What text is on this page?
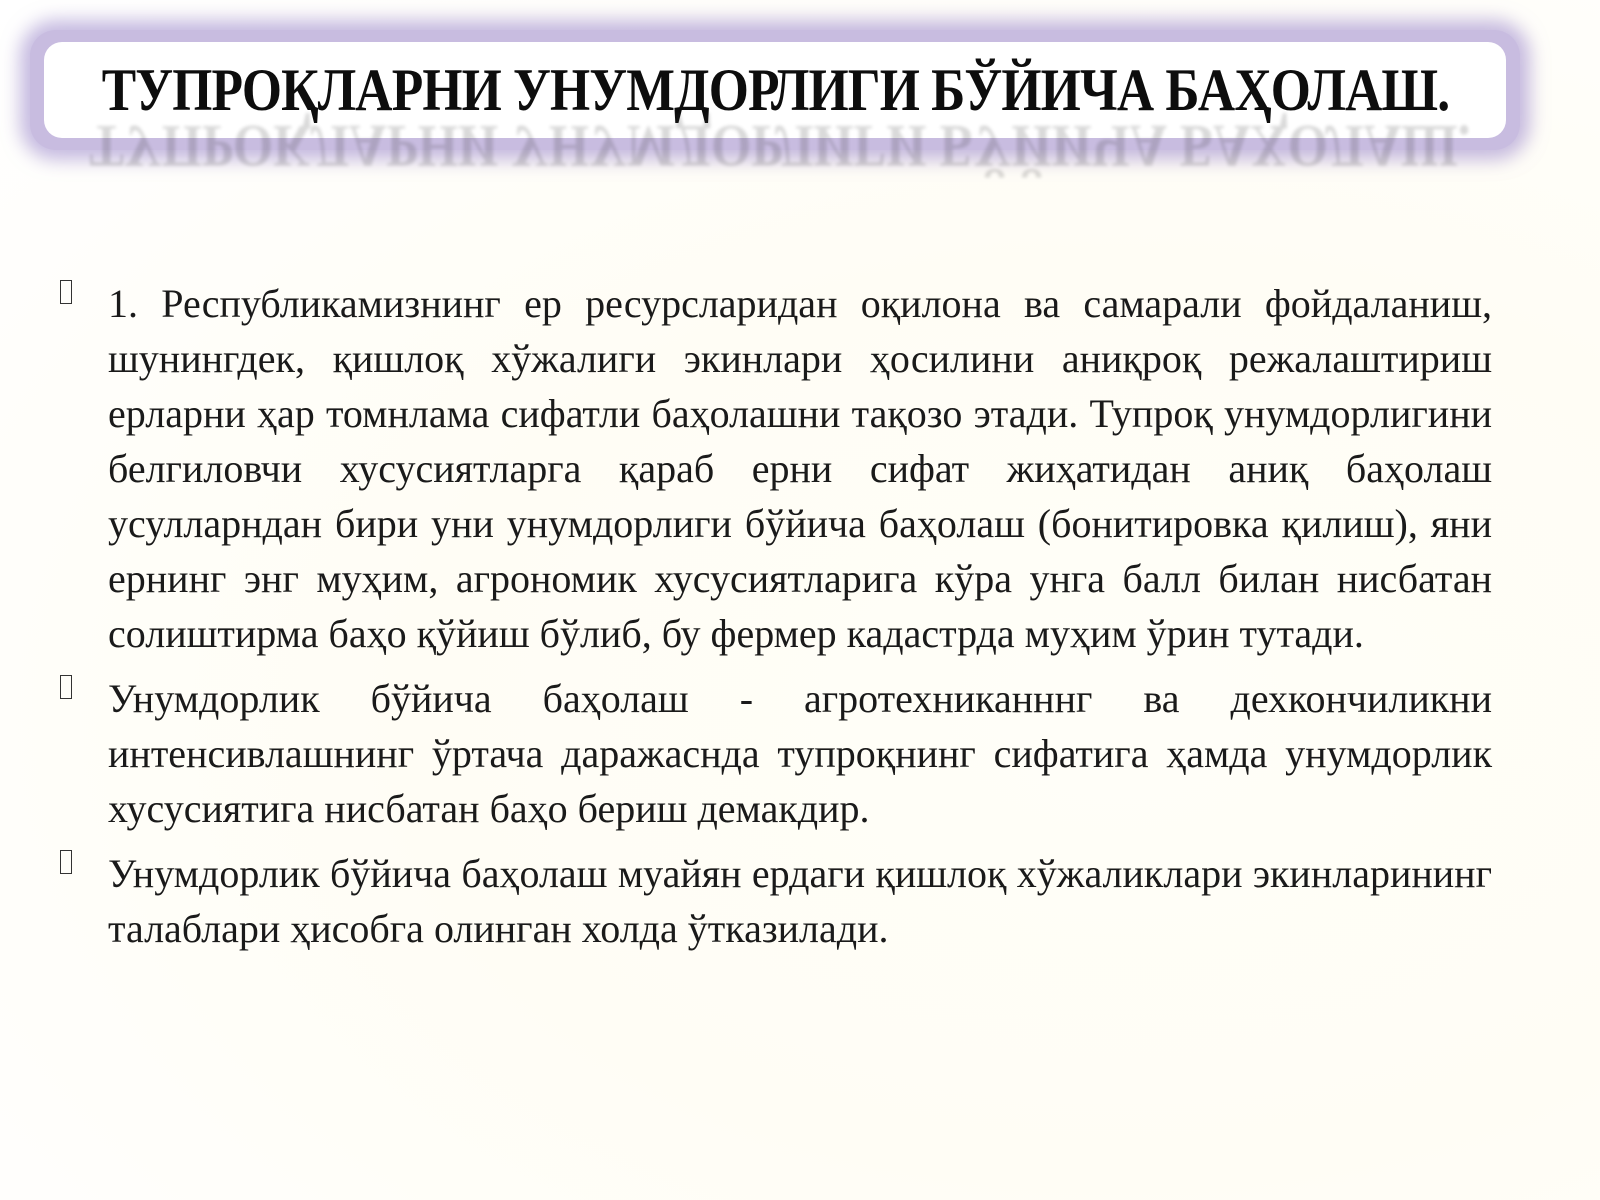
ТУПРОҚЛАРНИ УНУМДОРЛИГИ БЎЙИЧА БАҲОЛАШ.
ТУПРОҚЛАРНИ УНУМДОРЛИГИ БЎЙИЧА БАҲОЛАШ.
1. Республикамизнинг ер ресурсларидан оқилона ва самарали фойдаланиш, шунингдек, қишлоқ хўжалиги экинлари ҳосилини аниқроқ режалаштириш ерларни ҳар томнлама сифатли баҳолашни тақозо этади. Тупроқ унумдорлигини белгиловчи хусусиятларга қараб ерни сифат жиҳатидан аниқ баҳолаш усулларндан бири уни унумдорлиги бўйича баҳолаш (бонитировка қилиш), яни ернинг энг муҳим, агрономик хусусиятларига кўра унга балл билан нисбатан солиштирма баҳо қўйиш бўлиб, бу фермер кадастрда муҳим ўрин тутади.
Унумдорлик бўйича баҳолаш - агротехниканннг ва дехкончиликни интенсивлашнинг ўртача даражаснда тупроқнинг сифатига ҳамда унумдорлик хусусиятига нисбатан баҳо бериш демакдир.
Унумдорлик бўйича баҳолаш муайян ердаги қишлоқ хўжаликлари экинларининг талаблари ҳисобга олинган холда ўтказилади.
